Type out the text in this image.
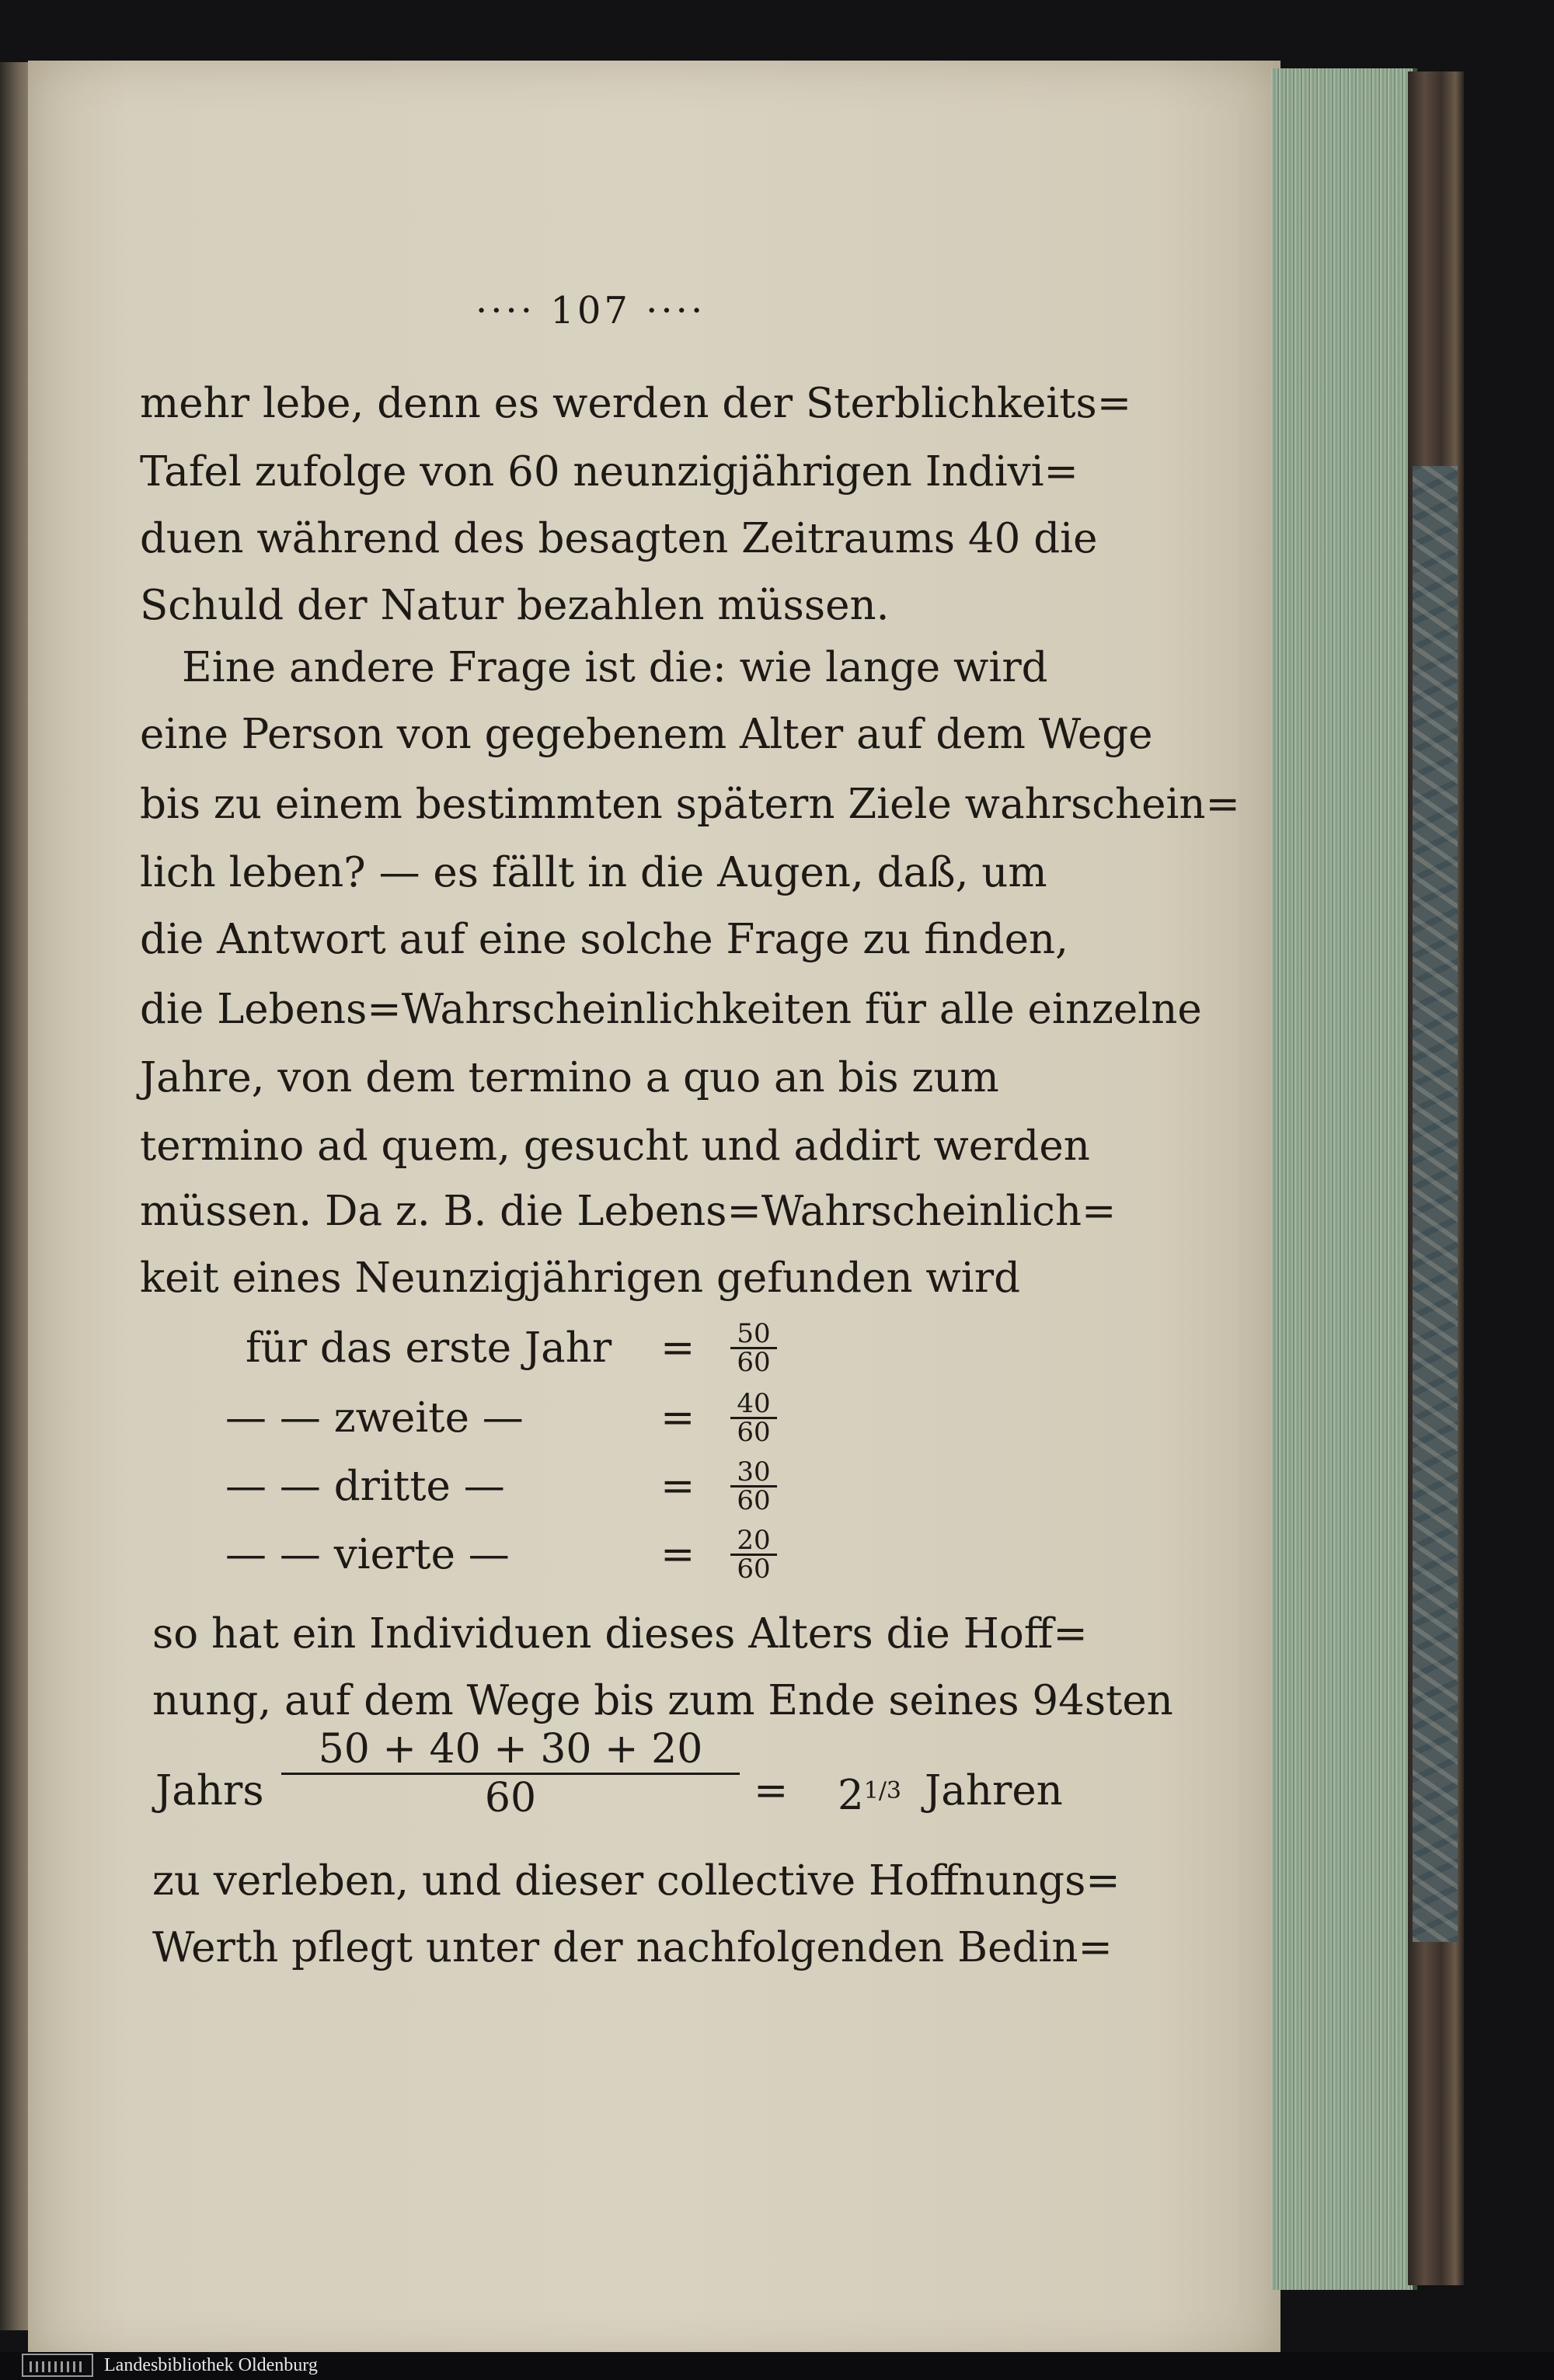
···· 107 ····
mehr lebe, denn es werden der Sterblichkeits=
Tafel zufolge von 60 neunzigjährigen Indivi=
duen während des besagten Zeitraums 40 die
Schuld der Natur bezahlen müssen.
Eine andere Frage ist die: wie lange wird
eine Person von gegebenem Alter auf dem Wege
bis zu einem bestimmten spätern Ziele wahrschein=
lich leben? — es fällt in die Augen, daß, um
die Antwort auf eine solche Frage zu finden,
die Lebens=Wahrscheinlichkeiten für alle einzelne
Jahre, von dem termino a quo an bis zum
termino ad quem, gesucht und addirt werden
müssen. Da z. B. die Lebens=Wahrscheinlich=
keit eines Neunzigjährigen gefunden wird
für das erste Jahr = $\frac{50}{60}$
— — zweite —	= $\frac{40}{60}$
— — dritte —	= $\frac{30}{60}$
— — vierte —	= $\frac{20}{60}$
so hat ein Individuen dieses Alters die Hoff=
nung, auf dem Wege bis zum Ende seines 94sten
Jahrs
50 + 40 + 30 + 20
60	= $2^{1/3}$ Jahren
zu verleben, und dieser collective Hoffnungs=
Werth pflegt unter der nachfolgenden Bedin=
Landesbibliothek Oldenburg
